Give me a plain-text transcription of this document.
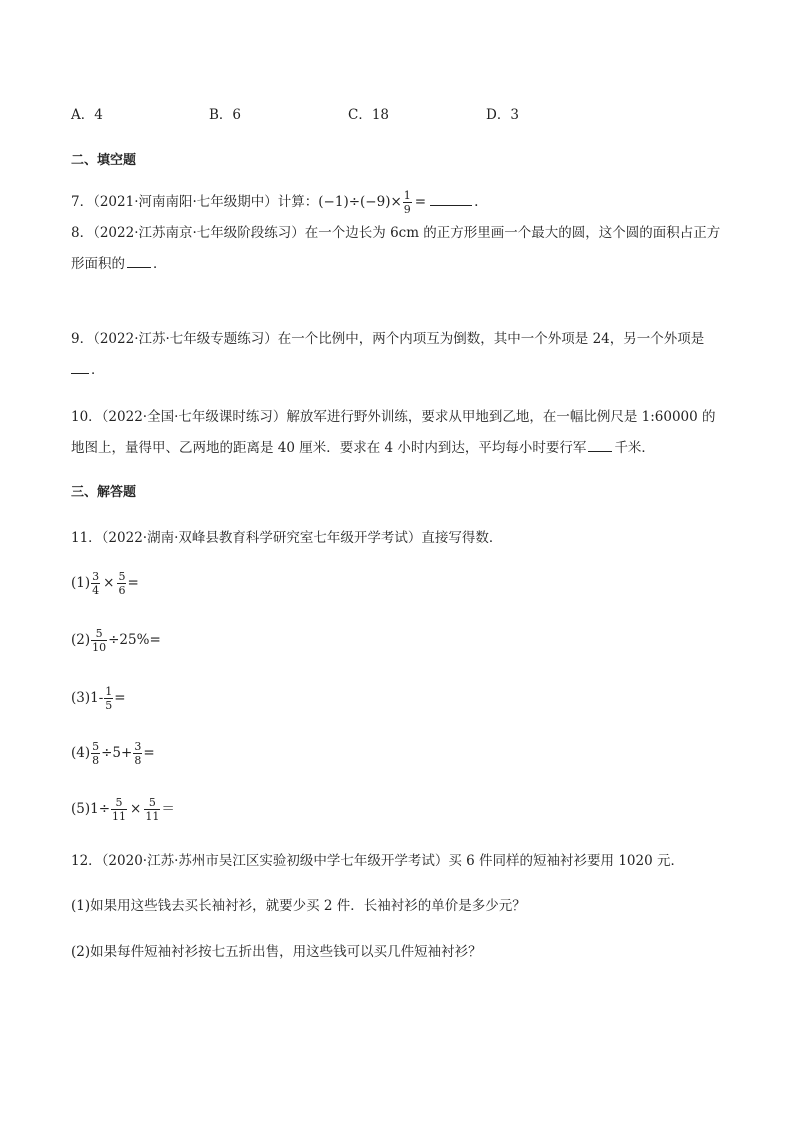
A．4	B．6	C．18	D．3
二、填空题
7．（2021·河南南阳·七年级期中）计算：$(-1)\div(-9)\times \frac{1}{9}$ =	.
8．（2022·江苏南京·七年级阶段练习）在一个边长为 6cm 的正方形里画一个最大的圆，这个圆的面积占正方
形面积的 ．
9．（2022·江苏·七年级专题练习）在一个比例中，两个内项互为倒数，其中一个外项是 24，另一个外项是
．
10．（2022·全国·七年级课时练习）解放军进行野外训练，要求从甲地到乙地，在一幅比例尺是 1:60000 的
地图上，量得甲、乙两地的距离是 40 厘米．要求在 4 小时内到达，平均每小时要行军 千米．
三、解答题
11．（2022·湖南·双峰县教育科学研究室七年级开学考试）直接写得数．
$(1) \frac{3}{4} \times \frac{5}{6}$ =
$(2) \frac{5}{10} \div 25\%=$
$(3)1- \frac{1}{5}$ =
$(4) \frac{5}{8} \div 5+ \frac{3}{8}$ =
$(5)1\div \frac{5}{11} \times \frac{5}{11}$ ＝
12．（2020·江苏·苏州市吴江区实验初级中学七年级开学考试）买 6 件同样的短袖衬衫要用 1020 元．
(1)如果用这些钱去买长袖衬衫，就要少买 2 件．长袖衬衫的单价是多少元？
(2)如果每件短袖衬衫按七五折出售，用这些钱可以买几件短袖衬衫？
